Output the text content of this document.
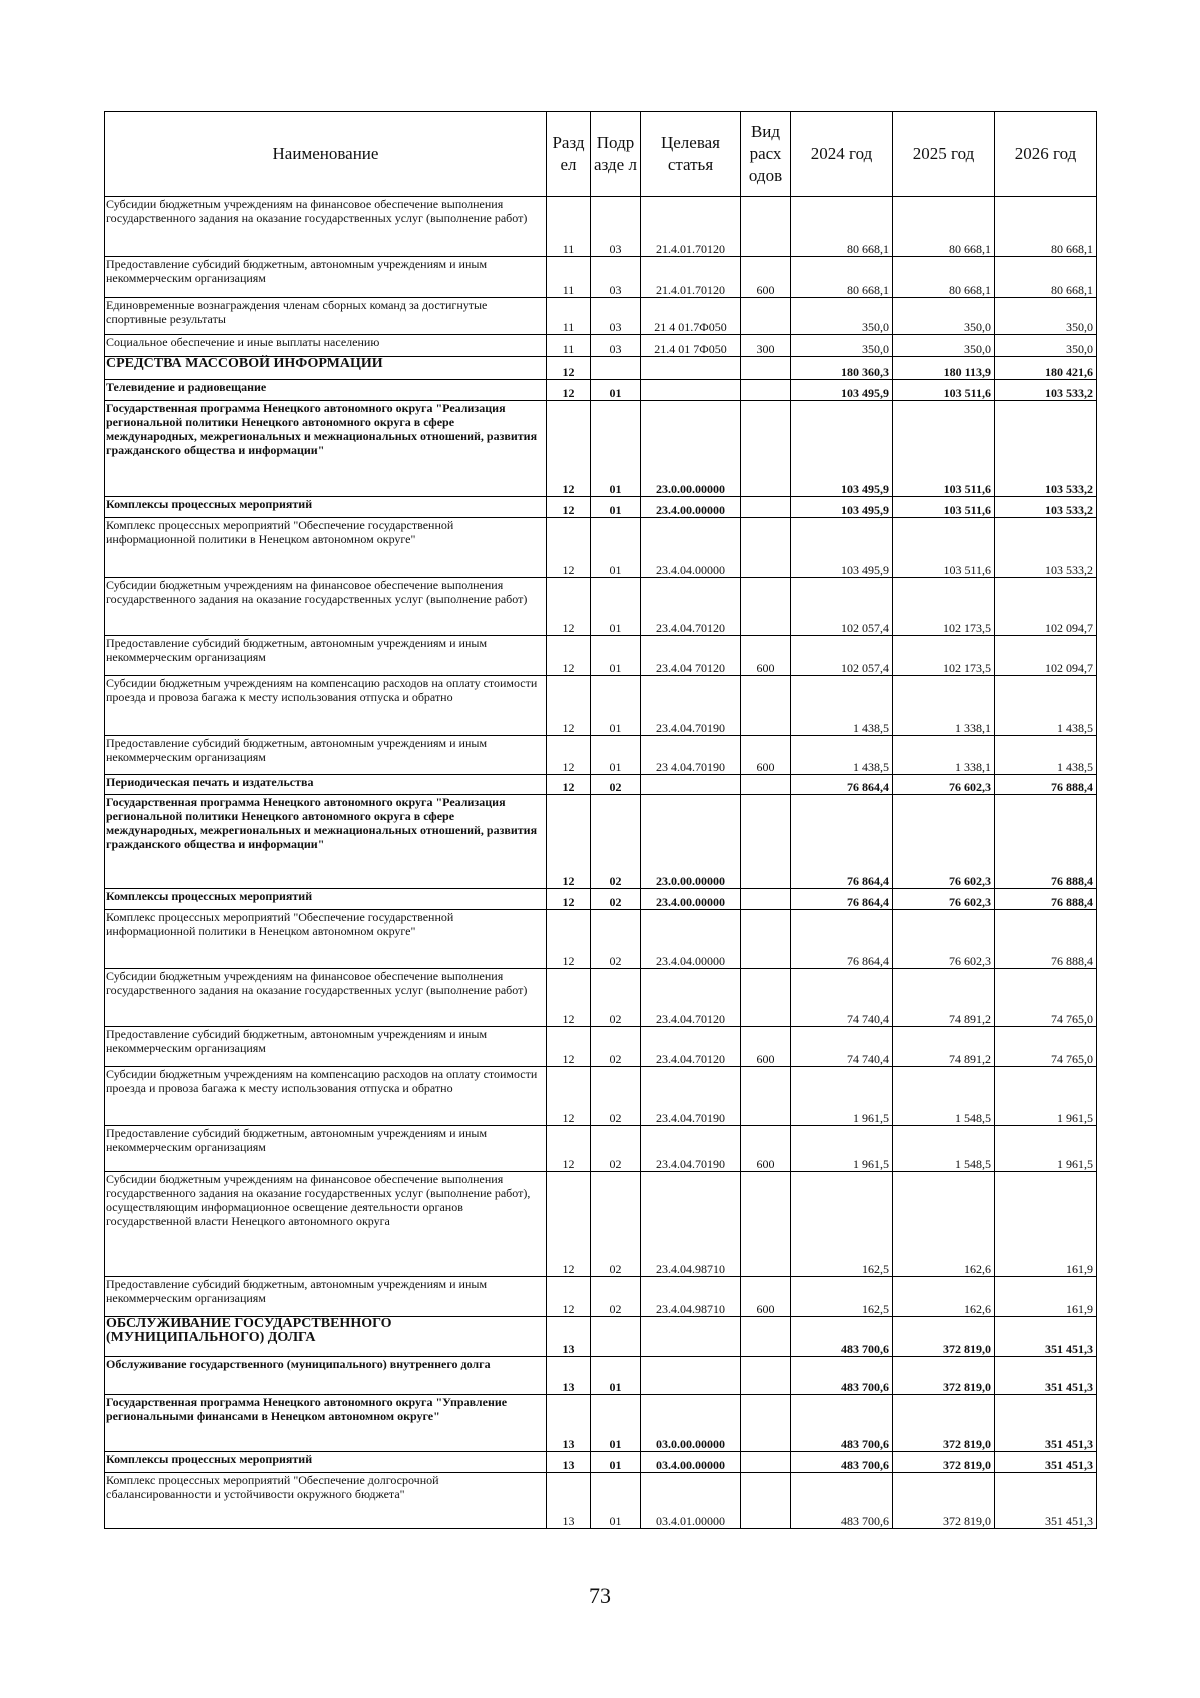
Наименование	Разд ел	Подр азде л	Целевая статья	Вид расх одов	2024 год	2025 год	2026 год
Субсидии бюджетным учреждениям на финансовое обеспечение выполнения государственного задания на оказание государственных услуг (выполнение работ)	11	03	21.4.01.70120		80 668,1	80 668,1	80 668,1
Предоставление субсидий бюджетным, автономным учреждениям и иным некоммерческим организациям	11	03	21.4.01.70120	600	80 668,1	80 668,1	80 668,1
Единовременные вознаграждения членам сборных команд за достигнутые спортивные результаты	11	03	21 4 01.7Ф050		350,0	350,0	350,0
Социальное обеспечение и иные выплаты населению	11	03	21.4 01 7Ф050	300	350,0	350,0	350,0
СРЕДСТВА МАССОВОЙ ИНФОРМАЦИИ	12				180 360,3	180 113,9	180 421,6
Телевидение и радиовещание	12	01			103 495,9	103 511,6	103 533,2
Государственная программа Ненецкого автономного округа "Реализация региональной политики Ненецкого автономного округа в сфере международных, межрегиональных и межнациональных отношений, развития гражданского общества и информации"	12	01	23.0.00.00000		103 495,9	103 511,6	103 533,2
Комплексы процессных мероприятий	12	01	23.4.00.00000		103 495,9	103 511,6	103 533,2
Комплекс процессных мероприятий "Обеспечение государственной информационной политики в Ненецком автономном округе"	12	01	23.4.04.00000		103 495,9	103 511,6	103 533,2
Субсидии бюджетным учреждениям на финансовое обеспечение выполнения государственного задания на оказание государственных услуг (выполнение работ)	12	01	23.4.04.70120		102 057,4	102 173,5	102 094,7
Предоставление субсидий бюджетным, автономным учреждениям и иным некоммерческим организациям	12	01	23.4.04 70120	600	102 057,4	102 173,5	102 094,7
Субсидии бюджетным учреждениям на компенсацию расходов на оплату стоимости проезда и провоза багажа к месту использования отпуска и обратно	12	01	23.4.04.70190		1 438,5	1 338,1	1 438,5
Предоставление субсидий бюджетным, автономным учреждениям и иным некоммерческим организациям	12	01	23 4.04.70190	600	1 438,5	1 338,1	1 438,5
Периодическая печать и издательства	12	02			76 864,4	76 602,3	76 888,4
Государственная программа Ненецкого автономного округа "Реализация региональной политики Ненецкого автономного округа в сфере международных, межрегиональных и межнациональных отношений, развития гражданского общества и информации"	12	02	23.0.00.00000		76 864,4	76 602,3	76 888,4
Комплексы процессных мероприятий	12	02	23.4.00.00000		76 864,4	76 602,3	76 888,4
Комплекс процессных мероприятий "Обеспечение государственной информационной политики в Ненецком автономном округе"	12	02	23.4.04.00000		76 864,4	76 602,3	76 888,4
Субсидии бюджетным учреждениям на финансовое обеспечение выполнения государственного задания на оказание государственных услуг (выполнение работ)	12	02	23.4.04.70120		74 740,4	74 891,2	74 765,0
Предоставление субсидий бюджетным, автономным учреждениям и иным некоммерческим организациям	12	02	23.4.04.70120	600	74 740,4	74 891,2	74 765,0
Субсидии бюджетным учреждениям на компенсацию расходов на оплату стоимости проезда и провоза багажа к месту использования отпуска и обратно	12	02	23.4.04.70190		1 961,5	1 548,5	1 961,5
Предоставление субсидий бюджетным, автономным учреждениям и иным некоммерческим организациям	12	02	23.4.04.70190	600	1 961,5	1 548,5	1 961,5
Субсидии бюджетным учреждениям на финансовое обеспечение выполнения государственного задания на оказание государственных услуг (выполнение работ), осуществляющим информационное освещение деятельности органов государственной власти Ненецкого автономного округа	12	02	23.4.04.98710		162,5	162,6	161,9
Предоставление субсидий бюджетным, автономным учреждениям и иным некоммерческим организациям	12	02	23.4.04.98710	600	162,5	162,6	161,9
ОБСЛУЖИВАНИЕ ГОСУДАРСТВЕННОГО (МУНИЦИПАЛЬНОГО) ДОЛГА	13				483 700,6	372 819,0	351 451,3
Обслуживание государственного (муниципального) внутреннего долга	13	01			483 700,6	372 819,0	351 451,3
Государственная программа Ненецкого автономного округа "Управление региональными финансами в Ненецком автономном округе"	13	01	03.0.00.00000		483 700,6	372 819,0	351 451,3
Комплексы процессных мероприятий	13	01	03.4.00.00000		483 700,6	372 819,0	351 451,3
Комплекс процессных мероприятий "Обеспечение долгосрочной сбалансированности и устойчивости окружного бюджета"	13	01	03.4.01.00000		483 700,6	372 819,0	351 451,3
73
